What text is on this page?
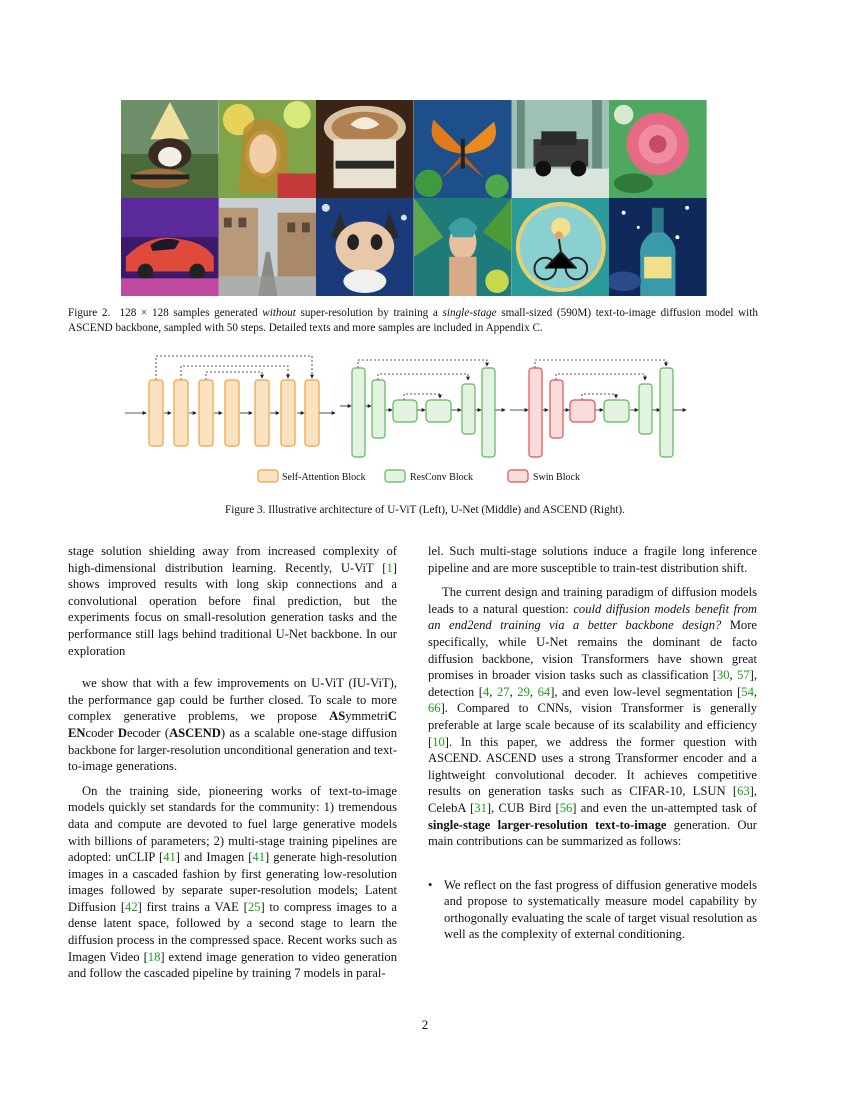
Figure 2. 128 × 128 samples generated without super-resolution by training a single-stage small-sized (590M) text-to-image diffusion model with ASCEND backbone, sampled with 50 steps. Detailed texts and more samples are included in Appendix C.
Self-Attention Block	ResConv Block	Swin Block
Figure 3. Illustrative architecture of U-ViT (Left), U-Net (Middle) and ASCEND (Right).

stage solution shielding away from increased complexity of high-dimensional distribution learning. Recently, U-ViT [1] shows improved results with long skip connections and a convolutional operation before final prediction, but the experiments focus on small-resolution generation tasks and the performance still lags behind traditional U-Net backbone. In our exploration

we show that with a few improvements on U-ViT (IU-ViT), the performance gap could be further closed. To scale to more complex generative problems, we propose ASymmetriC ENcoder Decoder (ASCEND) as a scalable one-stage diffusion backbone for larger-resolution unconditional generation and text-to-image generations.

On the training side, pioneering works of text-to-image models quickly set standards for the community: 1) tremendous data and compute are devoted to fuel large generative models with billions of parameters; 2) multi-stage training pipelines are adopted: unCLIP [41] and Imagen [41] generate high-resolution images in a cascaded fashion by first generating low-resolution images followed by separate super-resolution models; Latent Diffusion [42] first trains a VAE [25] to compress images to a dense latent space, followed by a second stage to learn the diffusion process in the compressed space. Recent works such as Imagen Video [18] extend image generation to video generation and follow the cascaded pipeline by training 7 models in paral-

lel. Such multi-stage solutions induce a fragile long inference pipeline and are more susceptible to train-test distribution shift.

The current design and training paradigm of diffusion models leads to a natural question: could diffusion models benefit from an end2end training via a better backbone design? More specifically, while U-Net remains the dominant de facto diffusion backbone, vision Transformers have shown great promises in broader vision tasks such as classification [30, 57], detection [4, 27, 29, 64], and even low-level segmentation [54, 66]. Compared to CNNs, vision Transformer is generally preferable at large scale because of its scalability and efficiency [10]. In this paper, we address the former question with ASCEND. ASCEND uses a strong Transformer encoder and a lightweight convolutional decoder. It achieves competitive results on generation tasks such as CIFAR-10, LSUN [63], CelebA [31], CUB Bird [56] and even the un-attempted task of single-stage larger-resolution text-to-image generation. Our main contributions can be summarized as follows:

• We reflect on the fast progress of diffusion generative models and propose to systematically measure model capability by orthogonally evaluating the scale of target visual resolution as well as the complexity of external conditioning.
2
